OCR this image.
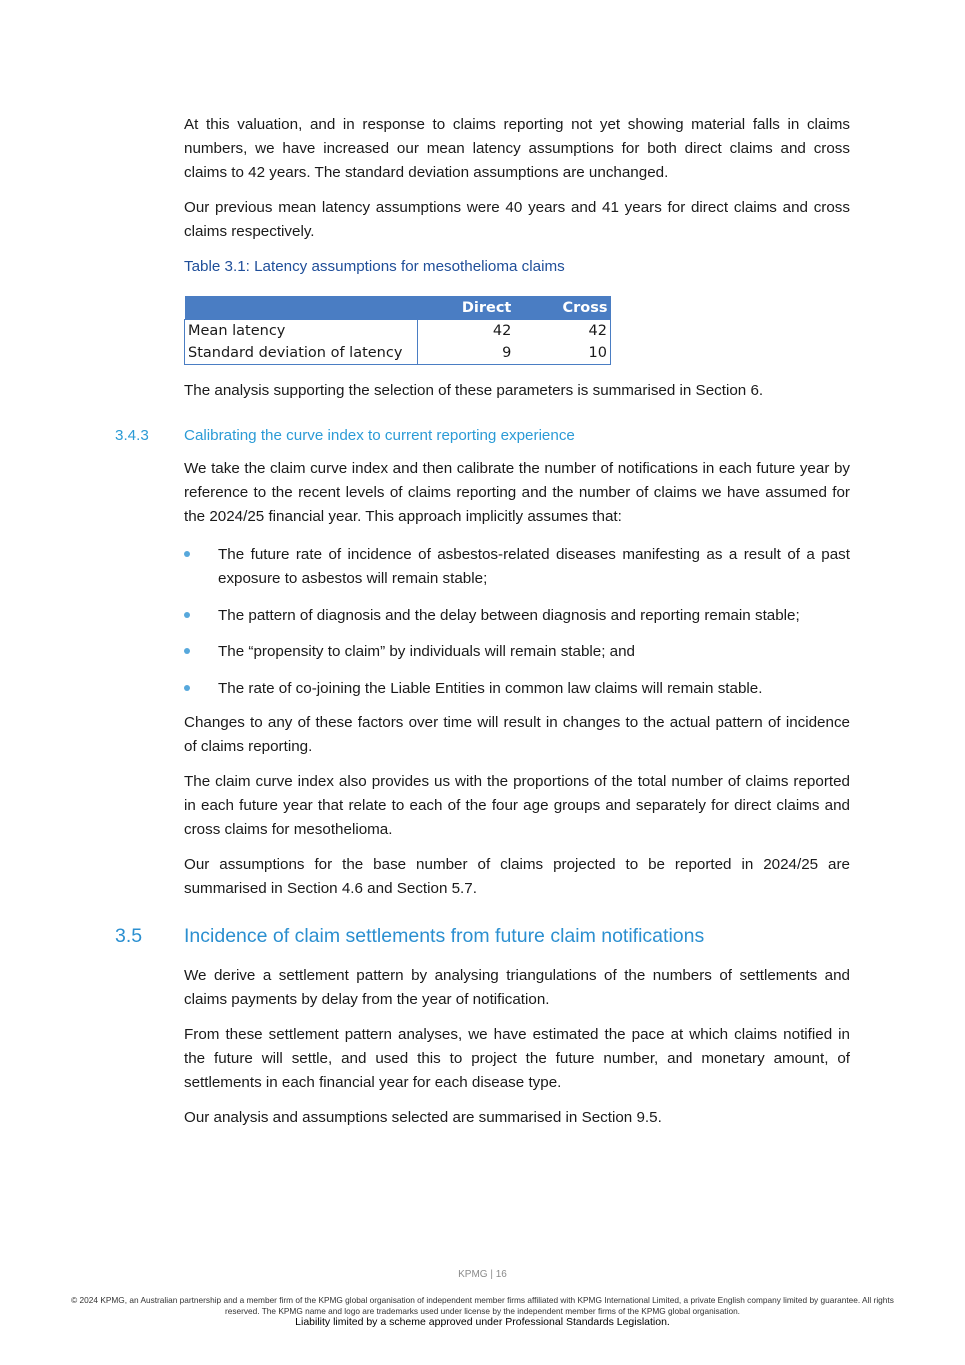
At this valuation, and in response to claims reporting not yet showing material falls in claims numbers, we have increased our mean latency assumptions for both direct claims and cross claims to 42 years. The standard deviation assumptions are unchanged.

Our previous mean latency assumptions were 40 years and 41 years for direct claims and cross claims respectively.

Table 3.1: Latency assumptions for mesothelioma claims
	Direct	Cross
Mean latency	42	42
Standard deviation of latency	9	10

The analysis supporting the selection of these parameters is summarised in Section 6.

3.4.3 Calibrating the curve index to current reporting experience

We take the claim curve index and then calibrate the number of notifications in each future year by reference to the recent levels of claims reporting and the number of claims we have assumed for the 2024/25 financial year. This approach implicitly assumes that:

The future rate of incidence of asbestos-related diseases manifesting as a result of a past exposure to asbestos will remain stable;
The pattern of diagnosis and the delay between diagnosis and reporting remain stable;
The “propensity to claim” by individuals will remain stable; and
The rate of co-joining the Liable Entities in common law claims will remain stable.

Changes to any of these factors over time will result in changes to the actual pattern of incidence of claims reporting.

The claim curve index also provides us with the proportions of the total number of claims reported in each future year that relate to each of the four age groups and separately for direct claims and cross claims for mesothelioma.

Our assumptions for the base number of claims projected to be reported in 2024/25 are summarised in Section 4.6 and Section 5.7.

3.5 Incidence of claim settlements from future claim notifications

We derive a settlement pattern by analysing triangulations of the numbers of settlements and claims payments by delay from the year of notification.

From these settlement pattern analyses, we have estimated the pace at which claims notified in the future will settle, and used this to project the future number, and monetary amount, of settlements in each financial year for each disease type.

Our analysis and assumptions selected are summarised in Section 9.5.

KPMG | 16
© 2024 KPMG, an Australian partnership and a member firm of the KPMG global organisation of independent member firms affiliated with KPMG International Limited, a private English company limited by guarantee. All rights reserved. The KPMG name and logo are trademarks used under license by the independent member firms of the KPMG global organisation.
Liability limited by a scheme approved under Professional Standards Legislation.
